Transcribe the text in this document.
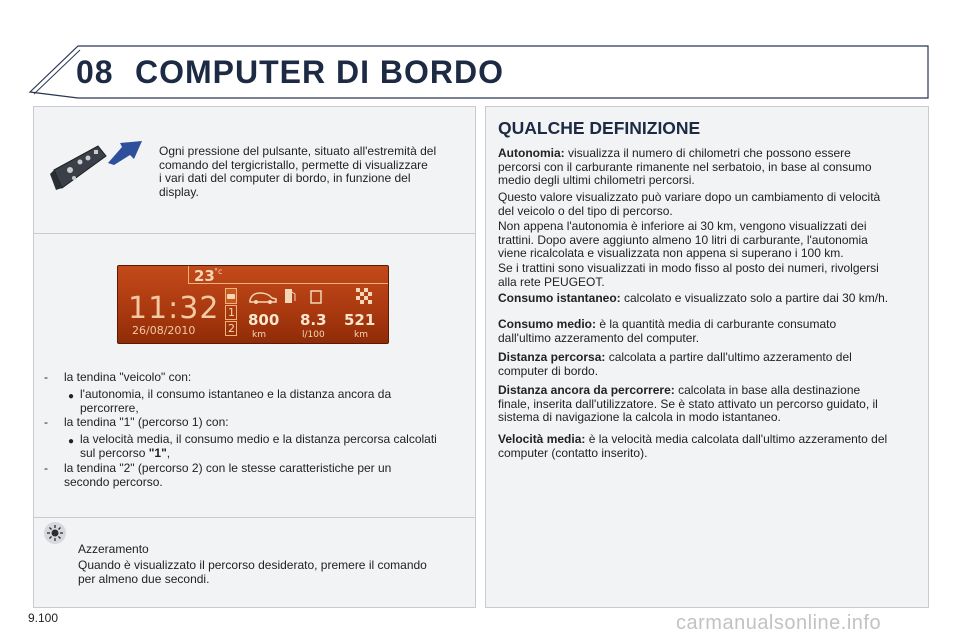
08 COMPUTER DI BORDO
Ogni pressione del pulsante, situato all'estremità del
comando del tergicristallo, permette di visualizzare
i vari dati del computer di bordo, in funzione del
display.
23 °c
11:32
26/08/2010
1
2 800 8.3 521
km	l/100	km
- la tendina "veicolo" con:
● l'autonomia, il consumo istantaneo e la distanza ancora da
percorrere,
- la tendina "1" (percorso 1) con:
● la velocità media, il consumo medio e la distanza percorsa calcolati
sul percorso "1",
- la tendina "2" (percorso 2) con le stesse caratteristiche per un
secondo percorso.
Azzeramento
Quando è visualizzato il percorso desiderato, premere il comando
per almeno due secondi.
QUALCHE DEFINIZIONE
Autonomia: visualizza il numero di chilometri che possono essere
percorsi con il carburante rimanente nel serbatoio, in base al consumo
medio degli ultimi chilometri percorsi.
Questo valore visualizzato può variare dopo un cambiamento di velocità
del veicolo o del tipo di percorso.
Non appena l'autonomia è inferiore ai 30 km, vengono visualizzati dei
trattini. Dopo avere aggiunto almeno 10 litri di carburante, l'autonomia
viene ricalcolata e visualizzata non appena si superano i 100 km.
Se i trattini sono visualizzati in modo fisso al posto dei numeri, rivolgersi
alla rete PEUGEOT.
Consumo istantaneo: calcolato e visualizzato solo a partire dai 30 km/h.
Consumo medio: è la quantità media di carburante consumato
dall'ultimo azzeramento del computer.
Distanza percorsa: calcolata a partire dall'ultimo azzeramento del
computer di bordo.
Distanza ancora da percorrere: calcolata in base alla destinazione
finale, inserita dall'utilizzatore. Se è stato attivato un percorso guidato, il
sistema di navigazione la calcola in modo istantaneo.
Velocità media: è la velocità media calcolata dall'ultimo azzeramento del
computer (contatto inserito).
9.100	carmanualsonline.info
